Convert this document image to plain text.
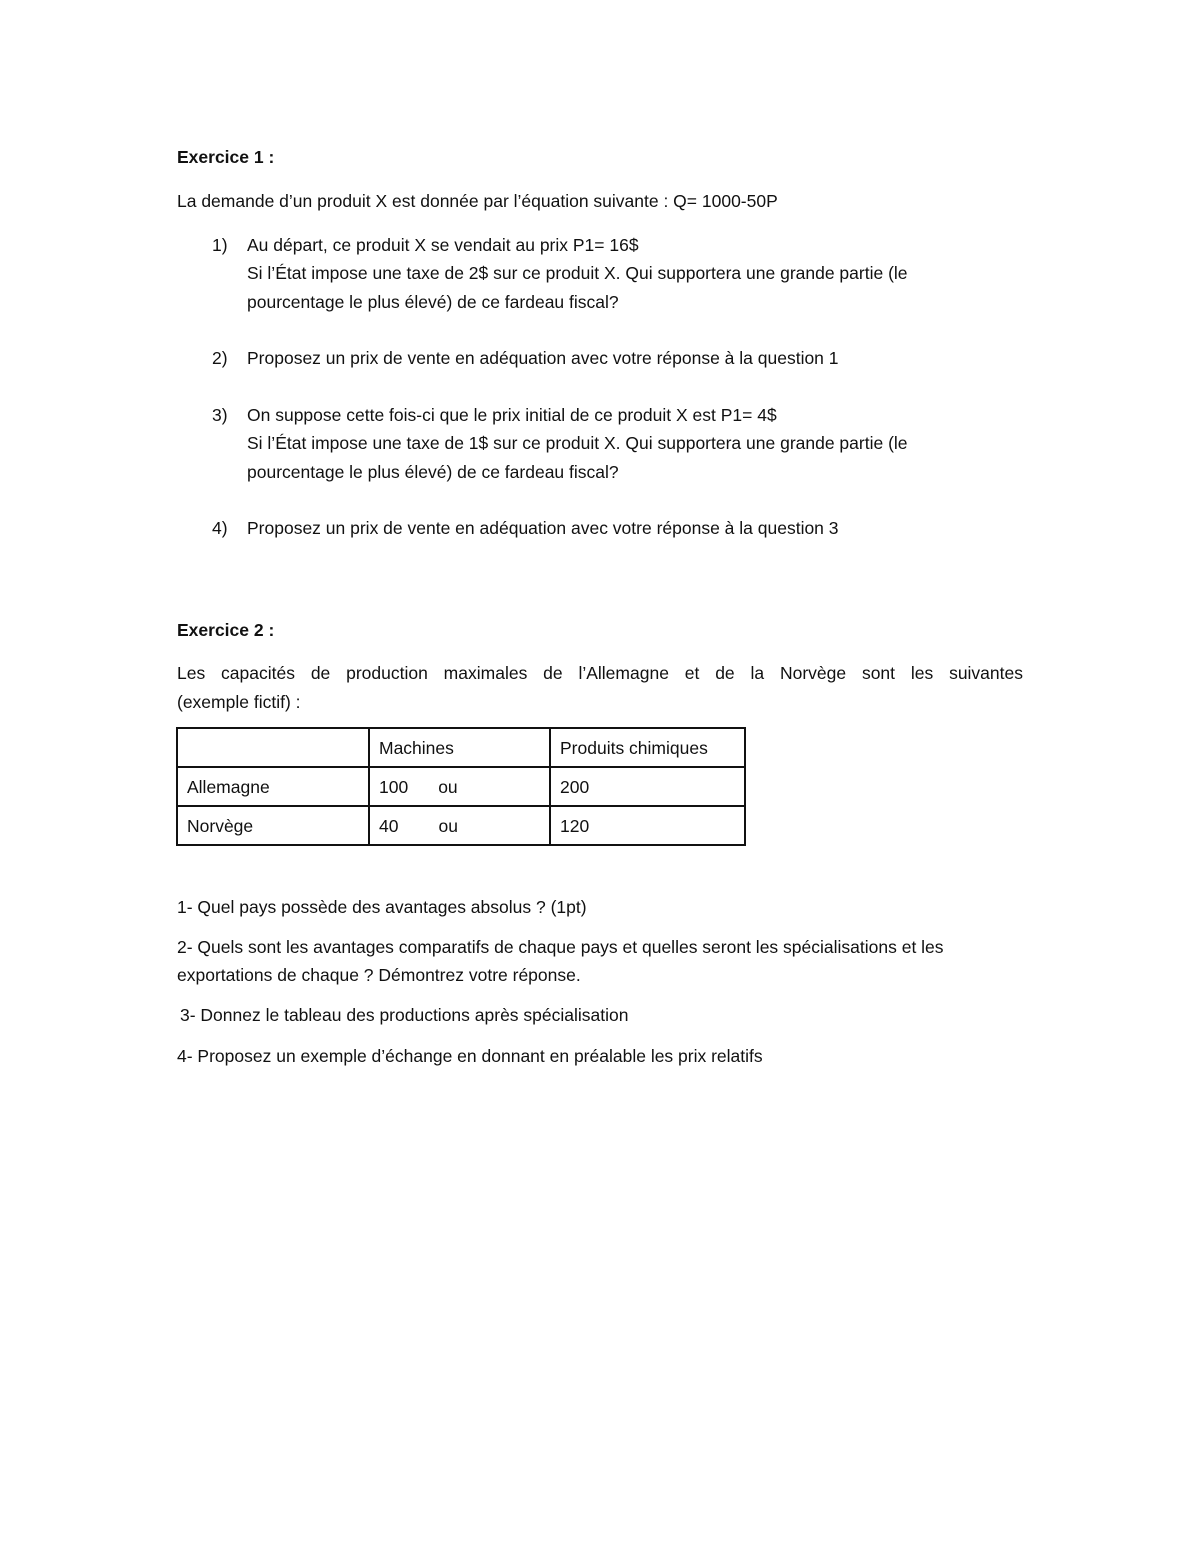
Exercice 1 :
La demande d’un produit X est donnée par l’équation suivante : Q= 1000-50P
1) Au départ, ce produit X se vendait au prix P1= 16$
Si l’État impose une taxe de 2$ sur ce produit X. Qui supportera une grande partie (le
pourcentage le plus élevé) de ce fardeau fiscal?
2) Proposez un prix de vente en adéquation avec votre réponse à la question 1
3) On suppose cette fois-ci que le prix initial de ce produit X est P1= 4$
Si l’État impose une taxe de 1$ sur ce produit X. Qui supportera une grande partie (le
pourcentage le plus élevé) de ce fardeau fiscal?
4) Proposez un prix de vente en adéquation avec votre réponse à la question 3
Exercice 2 :
Les capacités de production maximales de l’Allemagne et de la Norvège sont les suivantes
(exemple fictif) :
	Machines	Produits chimiques
Allemagne	100 ou	200
Norvège	40 ou	120
1- Quel pays possède des avantages absolus ? (1pt)
2- Quels sont les avantages comparatifs de chaque pays et quelles seront les spécialisations et les
exportations de chaque ? Démontrez votre réponse.
3- Donnez le tableau des productions après spécialisation
4- Proposez un exemple d’échange en donnant en préalable les prix relatifs
